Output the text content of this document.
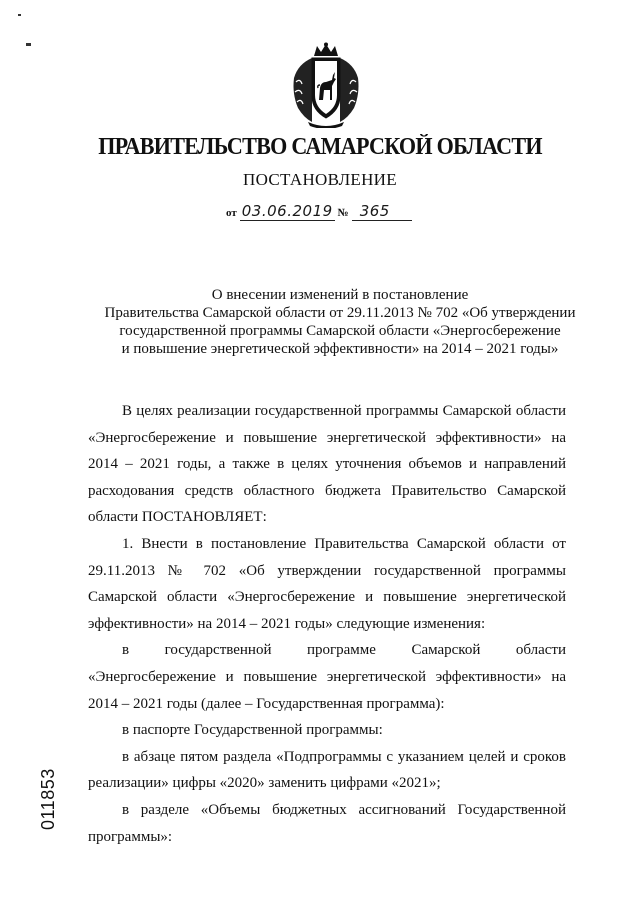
ПРАВИТЕЛЬСТВО САМАРСКОЙ ОБЛАСТИ
ПОСТАНОВЛЕНИЕ
от 03.06.2019 № 365
О внесении изменений в постановление
Правительства Самарской области от 29.11.2013 № 702 «Об утверждении
государственной программы Самарской области «Энергосбережение
и повышение энергетической эффективности» на 2014 – 2021 годы»

В целях реализации государственной программы Самарской области «Энергосбережение и повышение энергетической эффективности» на 2014 – 2021 годы, а также в целях уточнения объемов и направлений расходования средств областного бюджета Правительство Самарской области ПОСТАНОВЛЯЕТ:

1. Внести в постановление Правительства Самарской области от 29.11.2013 № 702 «Об утверждении государственной программы Самарской области «Энергосбережение и повышение энергетической эффективности» на 2014 – 2021 годы» следующие изменения:

в государственной программе Самарской области «Энергосбережение и повышение энергетической эффективности» на 2014 – 2021 годы (далее – Государственная программа):

в паспорте Государственной программы:

в абзаце пятом раздела «Подпрограммы с указанием целей и сроков реализации» цифры «2020» заменить цифрами «2021»;

в разделе «Объемы бюджетных ассигнований Государственной программы»:

011853
